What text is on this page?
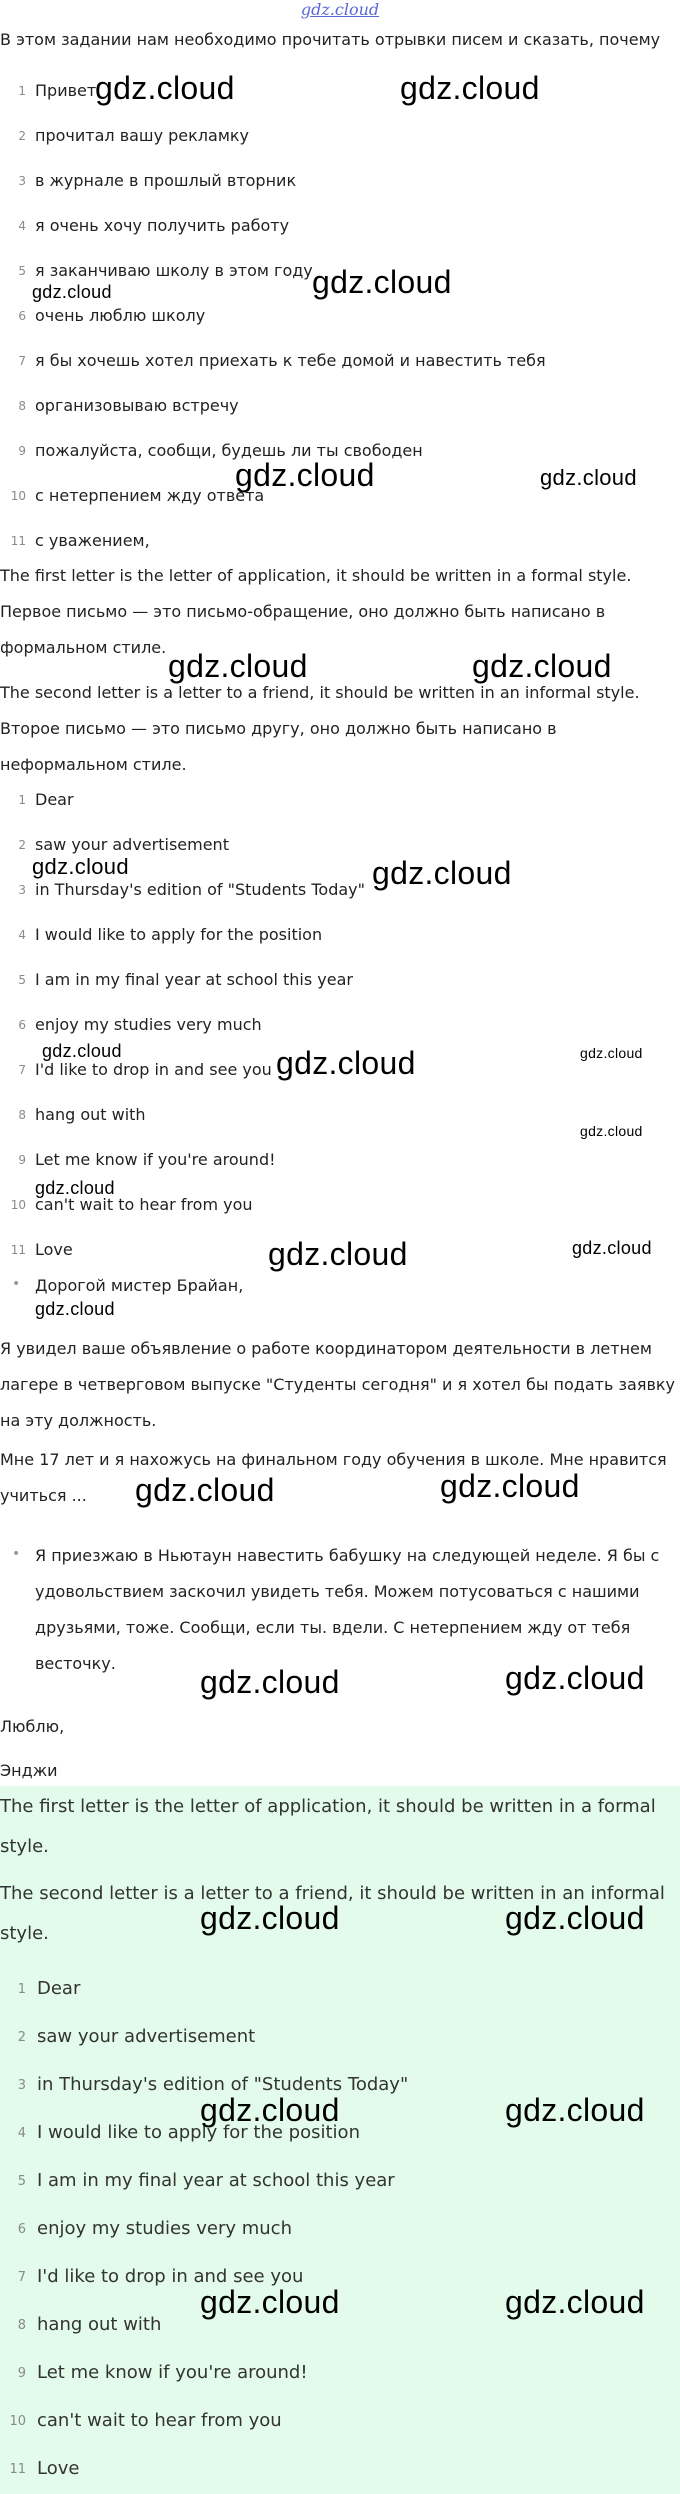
gdz.cloud
В этом задании нам необходимо прочитать отрывки писем и сказать, почему
1 Привет
2 прочитал вашу рекламку
3 в журнале в прошлый вторник
4 я очень хочу получить работу
5 я заканчиваю школу в этом году
6 очень люблю школу
7 я бы хочешь хотел приехать к тебе домой и навестить тебя
8 организовываю встречу
9 пожалуйста, сообщи, будешь ли ты свободен
10 с нетерпением жду ответа
11 с уважением,
The first letter is the letter of application, it should be written in a formal style.
Первое письмо — это письмо-обращение, оно должно быть написано в
формальном стиле.
The second letter is a letter to a friend, it should be written in an informal style.
Второе письмо — это письмо другу, оно должно быть написано в
неформальном стиле.
1 Dear
2 saw your advertisement
3 in Thursday's edition of "Students Today"
4 I would like to apply for the position
5 I am in my final year at school this year
6 enjoy my studies very much
7 I'd like to drop in and see you
8 hang out with
9 Let me know if you're around!
10 can't wait to hear from you
11 Love
• Дорогой мистер Брайан,
Я увидел ваше объявление о работе координатором деятельности в летнем
лагере в четверговом выпуске "Студенты сегодня" и я хотел бы подать заявку
на эту должность.
Мне 17 лет и я нахожусь на финальном году обучения в школе. Мне нравится
учиться ...
• Я приезжаю в Ньютаун навестить бабушку на следующей неделе. Я бы с
удовольствием заскочил увидеть тебя. Можем потусоваться с нашими
друзьями, тоже. Сообщи, если ты. вдели. С нетерпением жду от тебя
весточку.
Люблю,
Энджи
The first letter is the letter of application, it should be written in a formal
style.
The second letter is a letter to a friend, it should be written in an informal
style.
1 Dear
2 saw your advertisement
3 in Thursday's edition of "Students Today"
4 I would like to apply for the position
5 I am in my final year at school this year
6 enjoy my studies very much
7 I'd like to drop in and see you
8 hang out with
9 Let me know if you're around!
10 can't wait to hear from you
11 Love
gdz.cloud	gdz.cloud
gdz.cloud	gdz.cloud
gdz.cloud	gdz.cloud
gdz.cloud	gdz.cloud
gdz.cloud	gdz.cloud
gdz.cloud	gdz.cloud	gdz.cloud
gdz.cloud
gdz.cloud
gdz.cloud
gdz.cloud
gdz.cloud
gdz.cloud	gdz.cloud
gdz.cloud	gdz.cloud
gdz.cloud	gdz.cloud
gdz.cloud	gdz.cloud
gdz.cloud	gdz.cloud
